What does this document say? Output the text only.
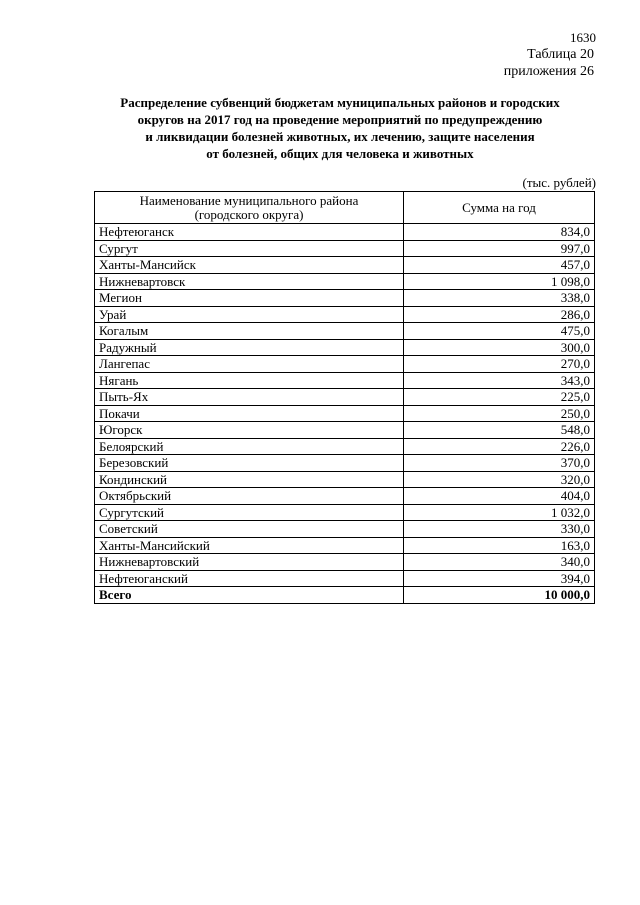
1630
Таблица 20
приложения 26
Распределение субвенций бюджетам муниципальных районов и городских
округов на 2017 год на проведение мероприятий по предупреждению
и ликвидации болезней животных, их лечению, защите населения
от болезней, общих для человека и животных
(тыс. рублей)
Наименование муниципального района
(городского округа)	Сумма на год
Нефтеюганск	834,0
Сургут	997,0
Ханты-Мансийск	457,0
Нижневартовск	1 098,0
Мегион	338,0
Урай	286,0
Когалым	475,0
Радужный	300,0
Лангепас	270,0
Нягань	343,0
Пыть-Ях	225,0
Покачи	250,0
Югорск	548,0
Белоярский	226,0
Березовский	370,0
Кондинский	320,0
Октябрьский	404,0
Сургутский	1 032,0
Советский	330,0
Ханты-Мансийский	163,0
Нижневартовский	340,0
Нефтеюганский	394,0
Всего	10 000,0
